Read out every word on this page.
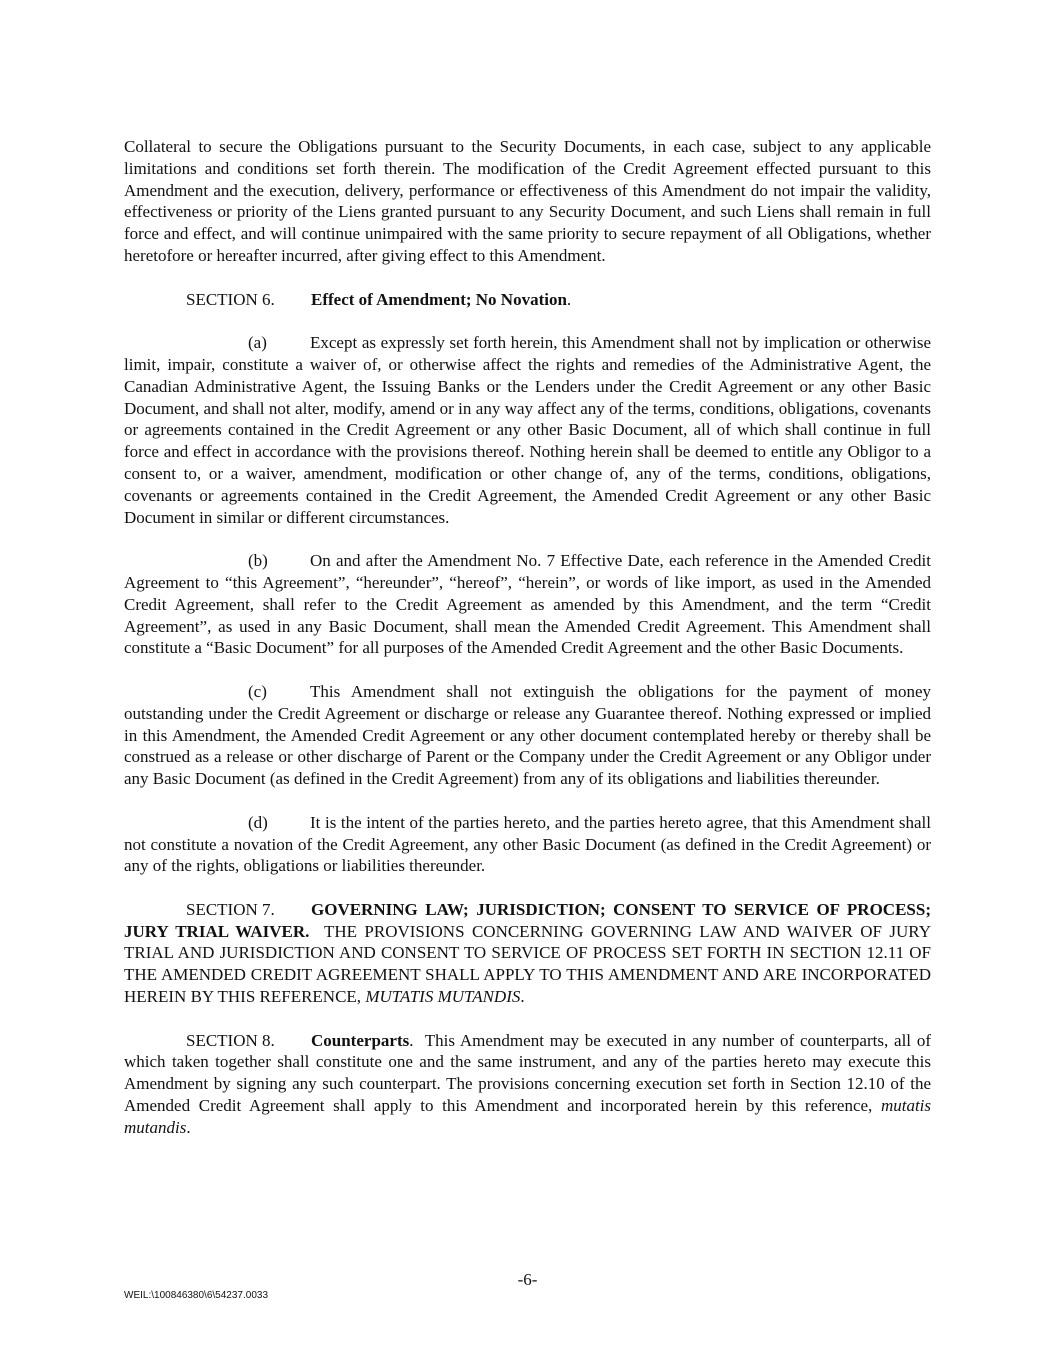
Collateral to secure the Obligations pursuant to the Security Documents, in each case, subject to any applicable limitations and conditions set forth therein. The modification of the Credit Agreement effected pursuant to this Amendment and the execution, delivery, performance or effectiveness of this Amendment do not impair the validity, effectiveness or priority of the Liens granted pursuant to any Security Document, and such Liens shall remain in full force and effect, and will continue unimpaired with the same priority to secure repayment of all Obligations, whether heretofore or hereafter incurred, after giving effect to this Amendment.

SECTION 6. Effect of Amendment; No Novation.

(a)	Except as expressly set forth herein, this Amendment shall not by implication or otherwise limit, impair, constitute a waiver of, or otherwise affect the rights and remedies of the Administrative Agent, the Canadian Administrative Agent, the Issuing Banks or the Lenders under the Credit Agreement or any other Basic Document, and shall not alter, modify, amend or in any way affect any of the terms, conditions, obligations, covenants or agreements contained in the Credit Agreement or any other Basic Document, all of which shall continue in full force and effect in accordance with the provisions thereof. Nothing herein shall be deemed to entitle any Obligor to a consent to, or a waiver, amendment, modification or other change of, any of the terms, conditions, obligations, covenants or agreements contained in the Credit Agreement, the Amended Credit Agreement or any other Basic Document in similar or different circumstances.

(b) On and after the Amendment No. 7 Effective Date, each reference in the Amended Credit Agreement to “this Agreement”, “hereunder”, “hereof”, “herein”, or words of like import, as used in the Amended Credit Agreement, shall refer to the Credit Agreement as amended by this Amendment, and the term “Credit Agreement”, as used in any Basic Document, shall mean the Amended Credit Agreement. This Amendment shall constitute a “Basic Document” for all purposes of the Amended Credit Agreement and the other Basic Documents.

(c)	This Amendment shall not extinguish the obligations for the payment of money outstanding under the Credit Agreement or discharge or release any Guarantee thereof. Nothing expressed or implied in this Amendment, the Amended Credit Agreement or any other document contemplated hereby or thereby shall be construed as a release or other discharge of Parent or the Company under the Credit Agreement or any Obligor under any Basic Document (as defined in the Credit Agreement) from any of its obligations and liabilities thereunder.

(d) It is the intent of the parties hereto, and the parties hereto agree, that this Amendment shall not constitute a novation of the Credit Agreement, any other Basic Document (as defined in the Credit Agreement) or any of the rights, obligations or liabilities thereunder.

SECTION 7. GOVERNING LAW; JURISDICTION; CONSENT TO SERVICE OF PROCESS; JURY TRIAL WAIVER. THE PROVISIONS CONCERNING GOVERNING LAW AND WAIVER OF JURY TRIAL AND JURISDICTION AND CONSENT TO SERVICE OF PROCESS SET FORTH IN SECTION 12.11 OF THE AMENDED CREDIT AGREEMENT SHALL APPLY TO THIS AMENDMENT AND ARE INCORPORATED HEREIN BY THIS REFERENCE, MUTATIS MUTANDIS.

SECTION 8. Counterparts. This Amendment may be executed in any number of counterparts, all of which taken together shall constitute one and the same instrument, and any of the parties hereto may execute this Amendment by signing any such counterpart. The provisions concerning execution set forth in Section 12.10 of the Amended Credit Agreement shall apply to this Amendment and incorporated herein by this reference, mutatis mutandis.

-6-
WEIL:\100846380\6\54237.0033
